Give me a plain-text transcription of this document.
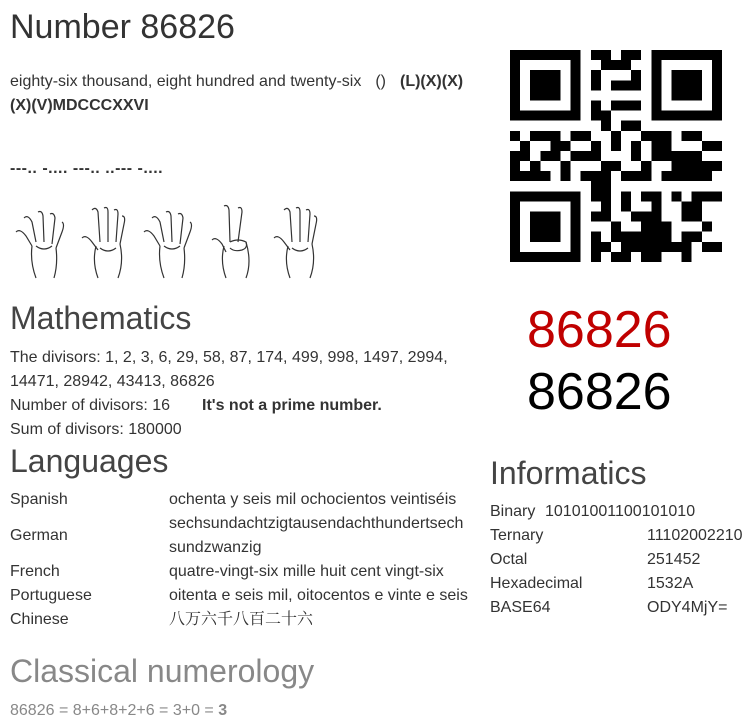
Number 86826
eighty-six thousand, eight hundred and twenty-six () (L)(X)(X)
(X)(V)MDCCCXXVI
---.. -.... ---.. ..--- -....
86826
86826
Mathematics
The divisors: 1, 2, 3, 6, 29, 58, 87, 174, 499, 998, 1497, 2994,
14471, 28942, 43413, 86826
Number of divisors: 16 It's not a prime number.
Sum of divisors: 180000
Languages
Spanish	ochenta y seis mil ochocientos veintiséis
German
sechsundachtzigtausendachthundertsechsundzwanzig
French	quatre-vingt-six mille huit cent vingt-six
Portuguese	oitenta e seis mil, oitocentos e vinte e seis
Chinese	八万六千八百二十六
Informatics
Binary 10101001100101010
Ternary	11102002210
Octal	251452
Hexadecimal	1532A
BASE64	ODY4MjY=
Classical numerology
86826 = 8+6+8+2+6 = 3+0 = 3
